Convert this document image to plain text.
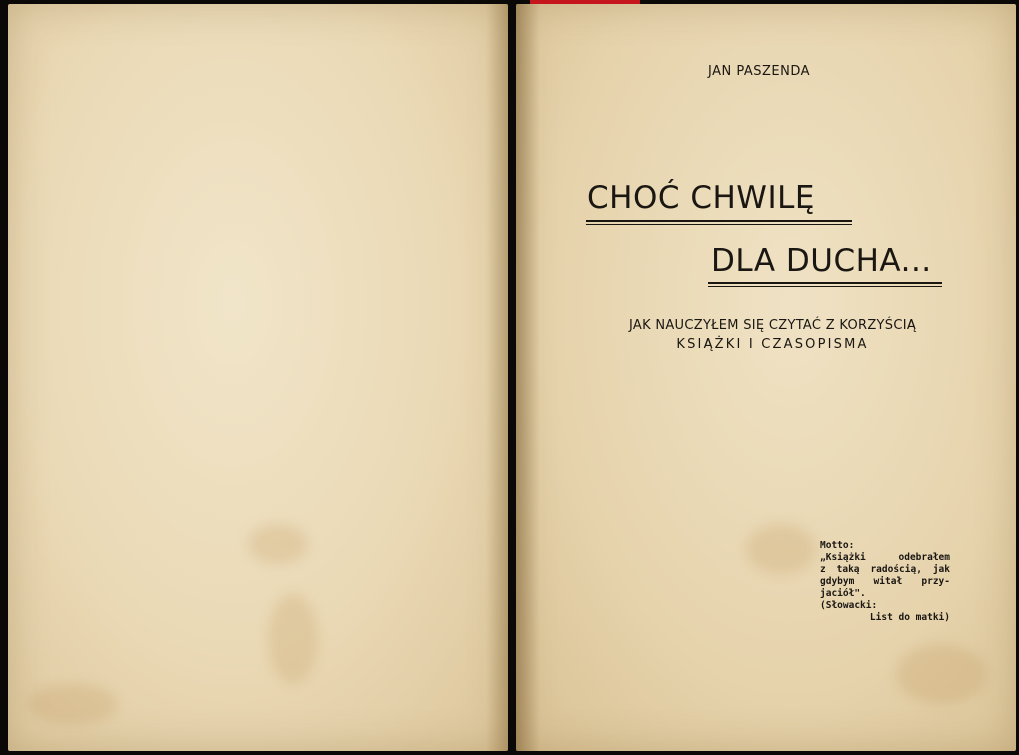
JAN PASZENDA
CHOĆ CHWILĘ
DLA DUCHA...
JAK NAUCZYŁEM SIĘ CZYTAĆ Z KORZYŚCIĄ
KSIĄŻKI I CZASOPISMA
Motto:
„Książki odebrałem
z taką radością, jak
gdybym witał przy-
jaciół".
(Słowacki:
List do matki)
